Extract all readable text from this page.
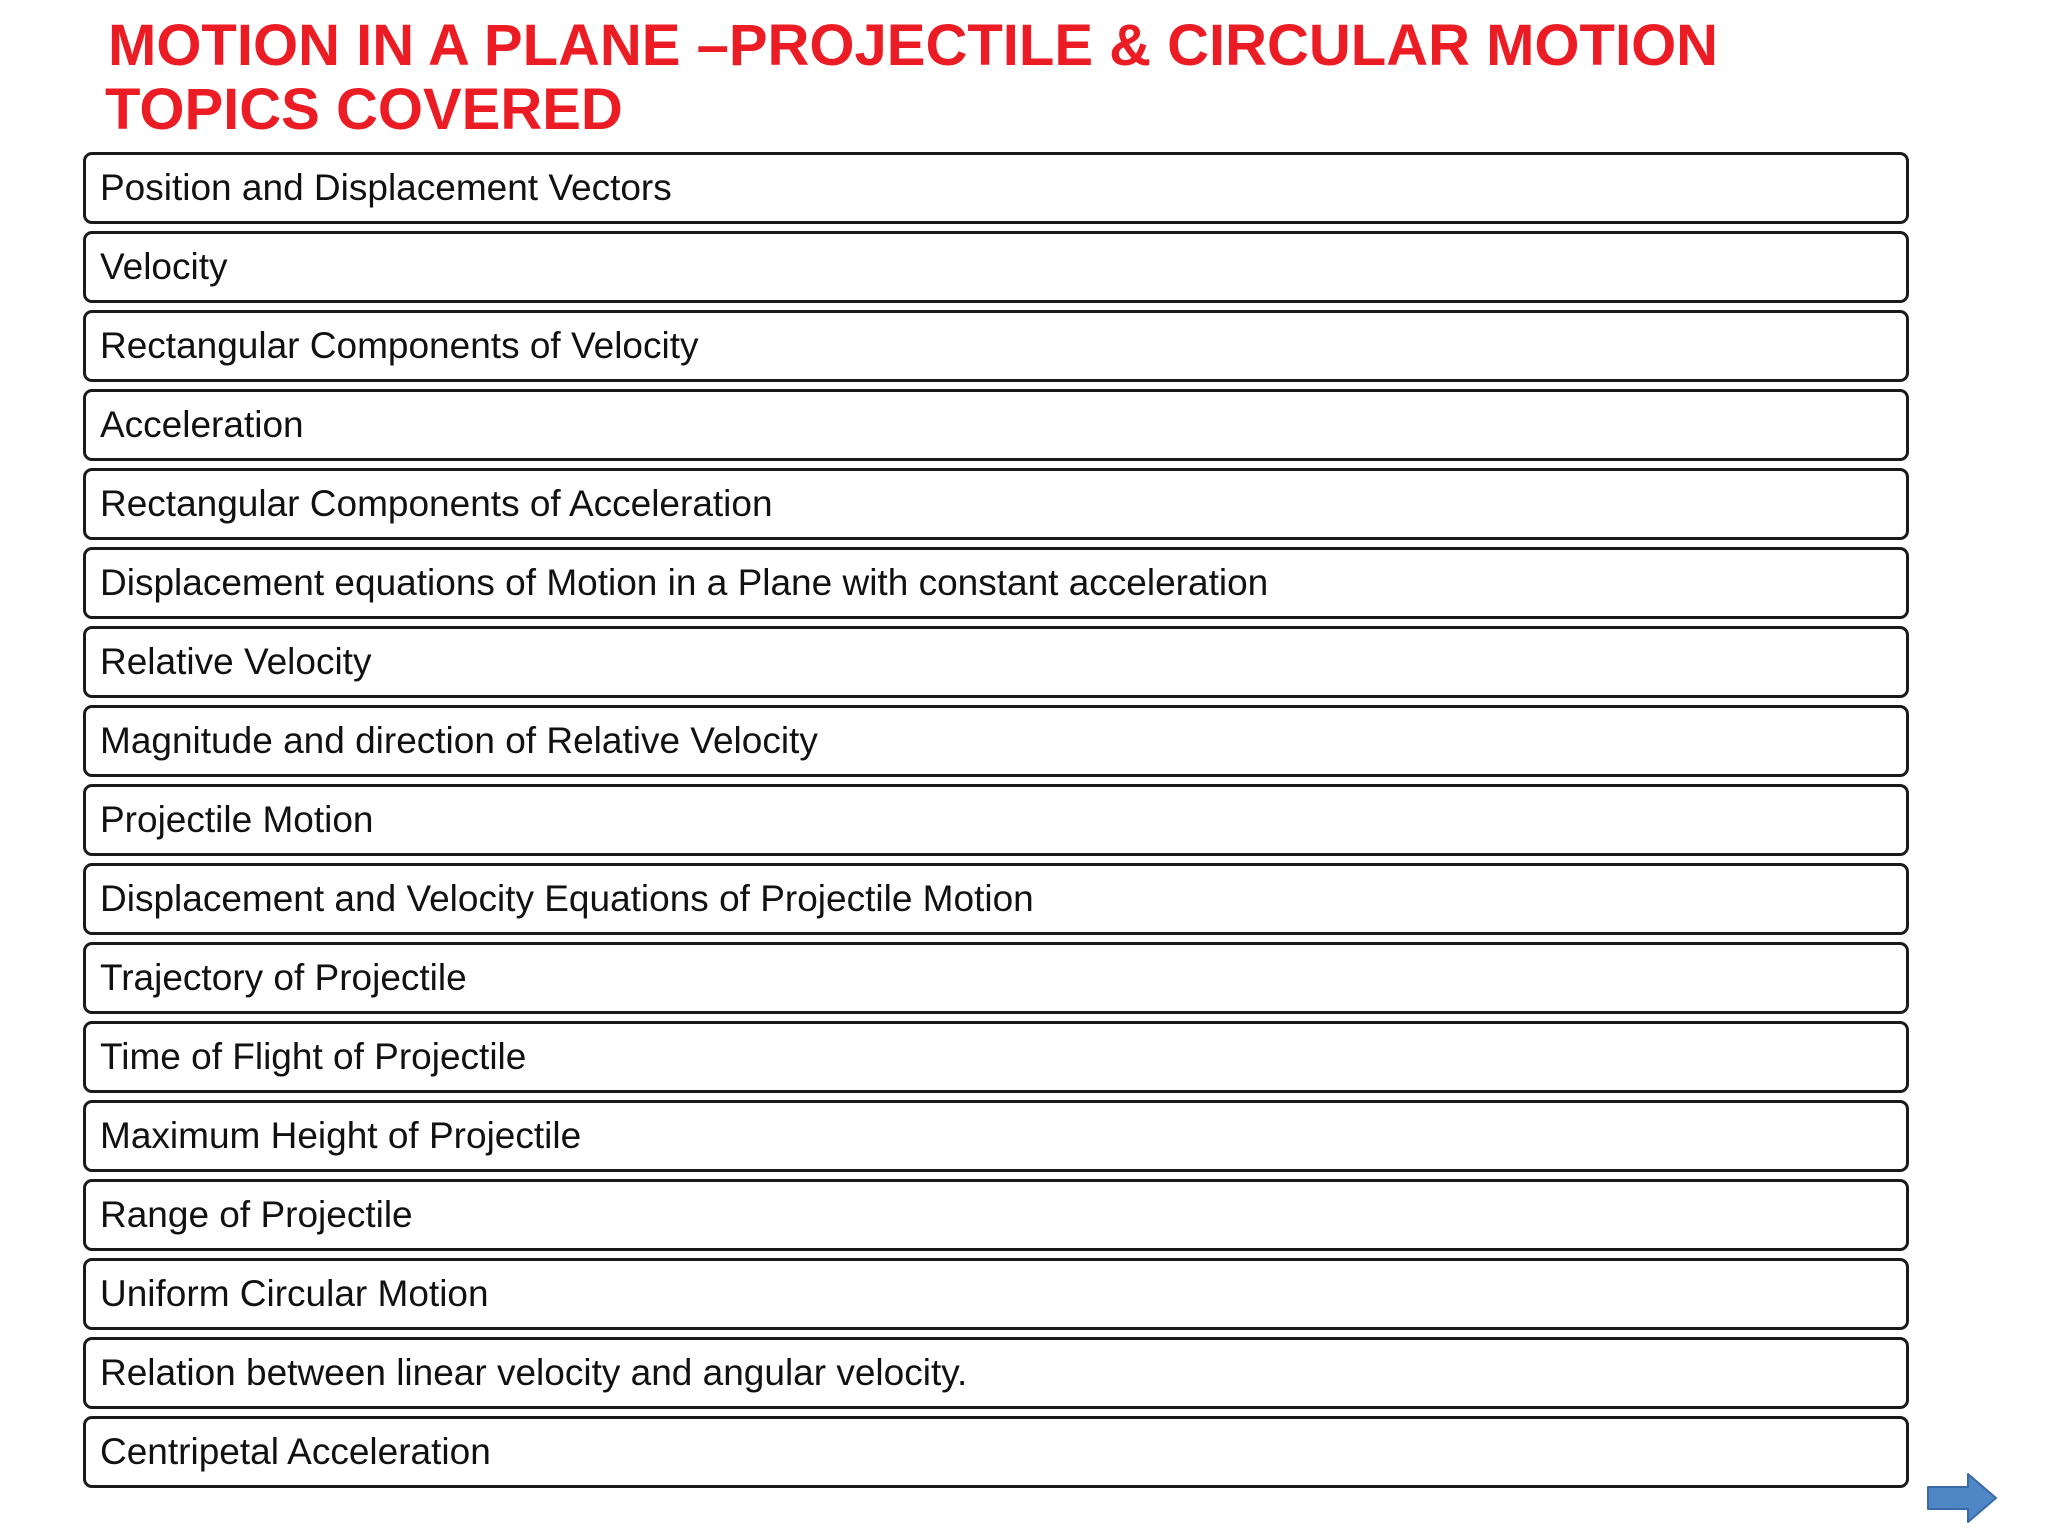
MOTION IN A PLANE –PROJECTILE & CIRCULAR MOTION
TOPICS COVERED
Position and Displacement Vectors
Velocity
Rectangular Components of Velocity
Acceleration
Rectangular Components of Acceleration
Displacement equations of Motion in a Plane with constant acceleration
Relative Velocity
Magnitude and direction of Relative Velocity
Projectile Motion
Displacement and Velocity Equations of Projectile Motion
Trajectory of Projectile
Time of Flight of Projectile
Maximum Height of Projectile
Range of Projectile
Uniform Circular Motion
Relation between linear velocity and angular velocity.
Centripetal Acceleration
